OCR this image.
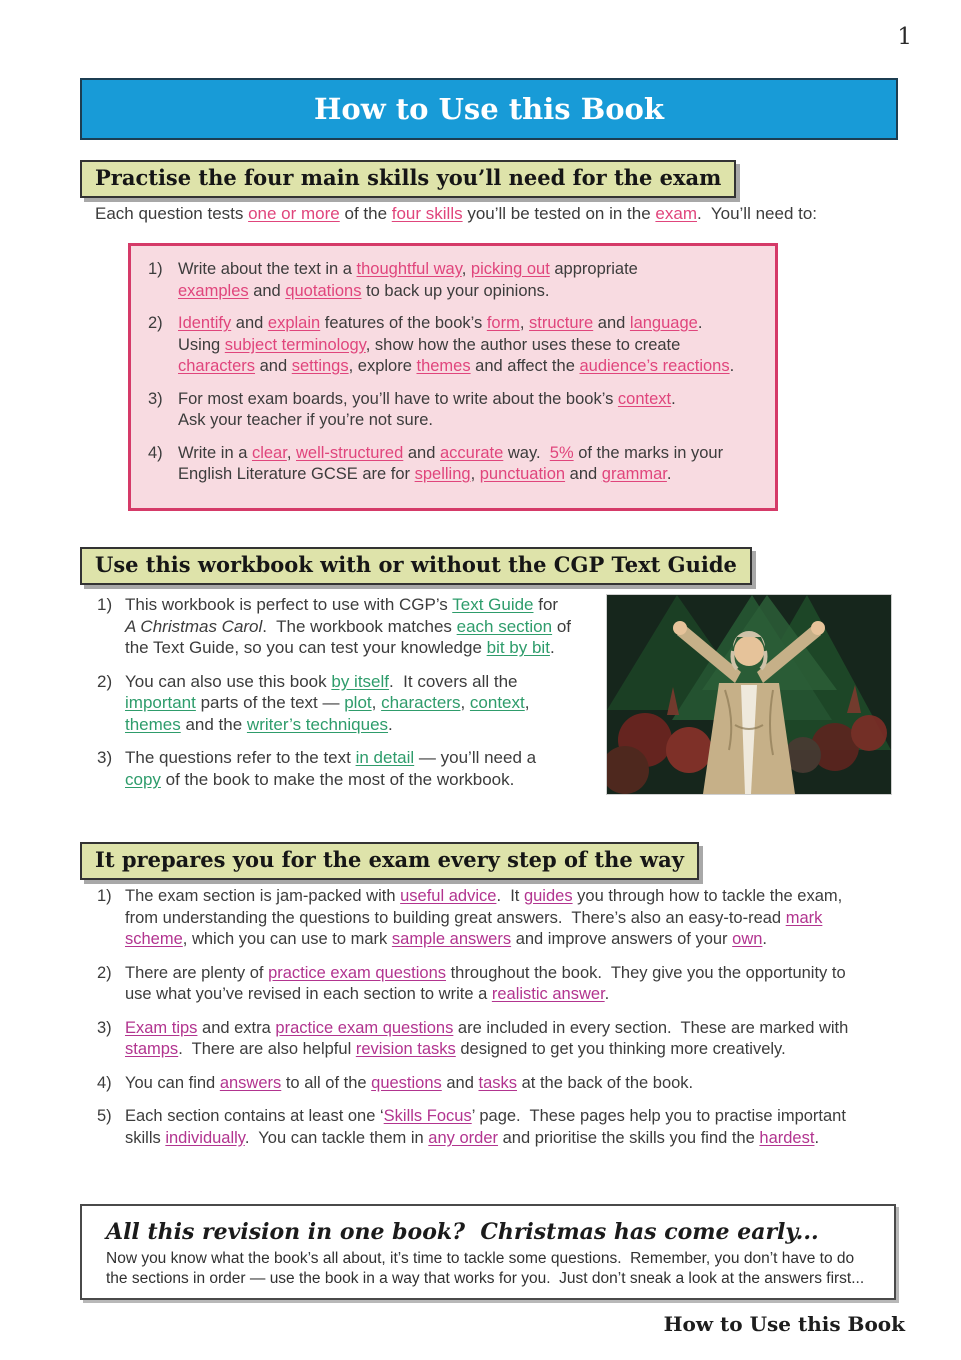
1
How to Use this Book
Practise the four main skills you’ll need for the exam

Each question tests one or more of the four skills you’ll be tested on in the exam.  You’ll need to:

1) Write about the text in a thoughtful way, picking out appropriate
examples and quotations to back up your opinions.
2) Identify and explain features of the book’s form, structure and language.
Using subject terminology, show how the author uses these to create
characters and settings, explore themes and affect the audience’s reactions.
3) For most exam boards, you’ll have to write about the book’s context.
Ask your teacher if you’re not sure.
4) Write in a clear, well-structured and accurate way.  5% of the marks in your
English Literature GCSE are for spelling, punctuation and grammar.
Use this workbook with or without the CGP Text Guide
1) This workbook is perfect to use with CGP’s Text Guide for
A Christmas Carol.  The workbook matches each section of
the Text Guide, so you can test your knowledge bit by bit.
2) You can also use this book by itself.  It covers all the
important parts of the text — plot, characters, context,
themes and the writer’s techniques.
3) The questions refer to the text in detail — you’ll need a
copy of the book to make the most of the workbook.
It prepares you for the exam every step of the way
1) The exam section is jam-packed with useful advice.  It guides you through how to tackle the exam,
from understanding the questions to building great answers.  There’s also an easy-to-read mark
scheme, which you can use to mark sample answers and improve answers of your own.
2) There are plenty of practice exam questions throughout the book.  They give you the opportunity to
use what you’ve revised in each section to write a realistic answer.
3) Exam tips and extra practice exam questions are included in every section.  These are marked with
stamps.  There are also helpful revision tasks designed to get you thinking more creatively.
4) You can find answers to all of the questions and tasks at the back of the book.
5) Each section contains at least one ‘Skills Focus’ page.  These pages help you to practise important
skills individually.  You can tackle them in any order and prioritise the skills you find the hardest.
All this revision in one book?  Christmas has come early...
Now you know what the book’s all about, it’s time to tackle some questions.  Remember, you don’t have to do
the sections in order — use the book in a way that works for you.  Just don’t sneak a look at the answers first...
How to Use this Book
